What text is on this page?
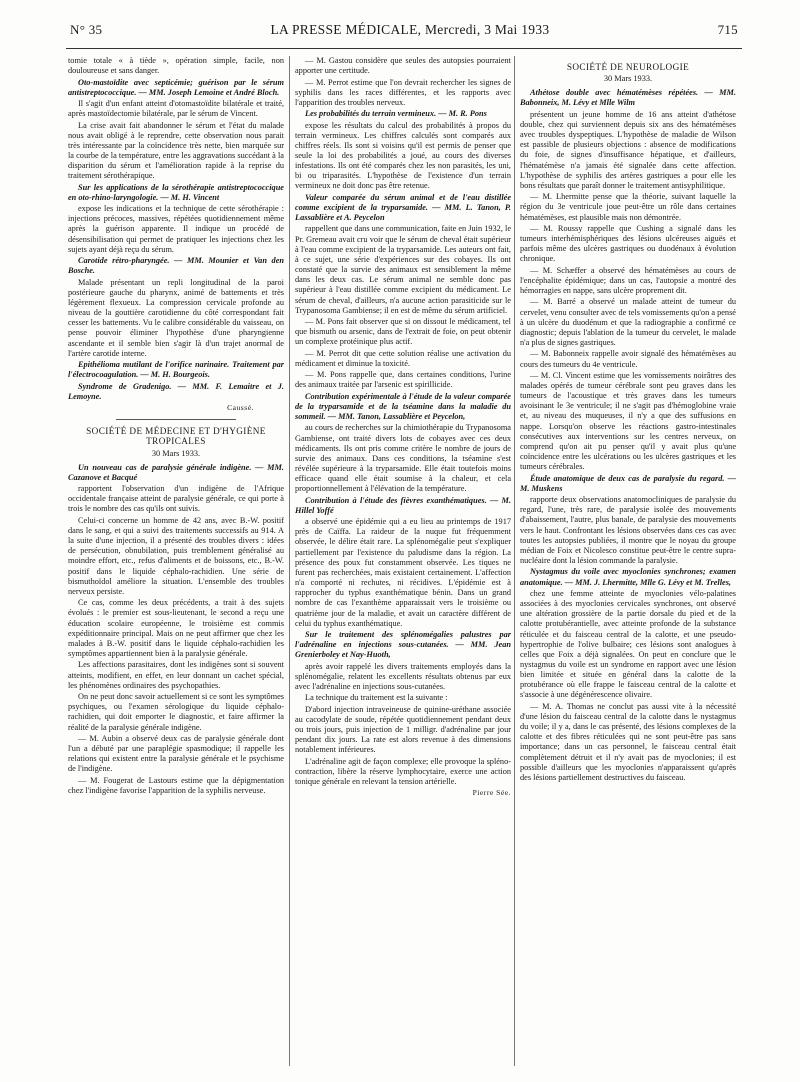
N° 35	LA PRESSE MÉDICALE, Mercredi, 3 Mai 1933	715

tomie totale « à tiède », opération simple, facile, non douloureuse et sans danger.

Oto-mastoïdite avec septicémie; guérison par le sérum antistreptococcique. — MM. Joseph Lemoine et André Bloch.

Il s'agit d'un enfant atteint d'otomastoïdite bilatérale et traité, après mastoïdectomie bilatérale, par le sérum de Vincent.

La crise avait fait abandonner le sérum et l'état du malade nous avait obligé à le reprendre, cette observation nous parait très intéressante par la coïncidence très nette, bien marquée sur la courbe de la température, entre les aggravations succédant à la disparition du sérum et l'amélioration rapide à la reprise du traitement sérothérapique.

Sur les applications de la sérothérapie antistreptococcique en oto-rhino-laryngologie. — M. H. Vincent

expose les indications et la technique de cette sérothérapie : injections précoces, massives, répétées quotidiennement même après la guérison apparente. Il indique un procédé de désensibilisation qui permet de pratiquer les injections chez les sujets ayant déjà reçu du sérum.

Carotide rétro-pharyngée. — MM. Mounier et Van den Bosche.

Malade présentant un repli longitudinal de la paroi postérieure gauche du pharynx, animé de battements et très légèrement flexueux. La compression cervicale profonde au niveau de la gouttière carotidienne du côté correspondant fait cesser les battements. Vu le calibre considérable du vaisseau, on pense pouvoir éliminer l'hypothèse d'une pharyngienne ascendante et il semble bien s'agir là d'un trajet anormal de l'artère carotide interne.

Epithélioma mutilant de l'orifice narinaire. Traitement par l'électrocoagulation. — M. H. Bourgeois.

Syndrome de Gradenigo. — MM. F. Lemaitre et J. Lemoyne.

Caussé.

SOCIÉTÉ DE MÉDECINE ET D'HYGIÈNE TROPICALES
30 Mars 1933.

Un nouveau cas de paralysie générale indigène. — MM. Cazanove et Bacqué

rapportent l'observation d'un indigène de l'Afrique occidentale française atteint de paralysie générale, ce qui porte à trois le nombre des cas qu'ils ont suivis.

Celui-ci concerne un homme de 42 ans, avec B.-W. positif dans le sang, et qui a suivi des traitements successifs au 914. A la suite d'une injection, il a présenté des troubles divers : idées de persécution, obnubilation, puis tremblement généralisé au moindre effort, etc., refus d'aliments et de boissons, etc., B.-W. positif dans le liquide céphalo-rachidien. Une série de bismuthoïdol améliore la situation. L'ensemble des troubles nerveux persiste.

Ce cas, comme les deux précédents, a trait à des sujets évolués : le premier est sous-lieutenant, le second a reçu une éducation scolaire européenne, le troisième est commis expéditionnaire principal. Mais on ne peut affirmer que chez les malades à B.-W. positif dans le liquide céphalo-rachidien les symptômes appartiennent bien à la paralysie générale.

Les affections parasitaires, dont les indigènes sont si souvent atteints, modifient, en effet, en leur donnant un cachet spécial, les phénomènes ordinaires des psychopathies.

On ne peut donc savoir actuellement si ce sont les symptômes psychiques, ou l'examen sérologique du liquide céphalo-rachidien, qui doit emporter le diagnostic, et faire affirmer la réalité de la paralysie générale indigène.

— M. Aubin a observé deux cas de paralysie générale dont l'un a débuté par une paraplégie spasmodique; il rappelle les relations qui existent entre la paralysie générale et le psychisme de l'indigène.

— M. Fougerat de Lastours estime que la dépigmentation chez l'indigène favorise l'apparition de la syphilis nerveuse.

— M. Gastou considère que seules des autopsies pourraient apporter une certitude.

— M. Perrot estime que l'on devrait rechercher les signes de syphilis dans les races différentes, et les rapports avec l'apparition des troubles nerveux.

Les probabilités du terrain vermineux. — M. R. Pons

expose les résultats du calcul des probabilités à propos du terrain vermineux. Les chiffres calculés sont comparés aux chiffres réels. Ils sont si voisins qu'il est permis de penser que seule la loi des probabilités a joué, au cours des diverses infestations. Ils ont été comparés chez les non parasités, les uni, bi ou triparasités. L'hypothèse de l'existence d'un terrain vermineux ne doit donc pas être retenue.

Valeur comparée du sérum animal et de l'eau distillée comme excipient de la tryparsamide. — MM. L. Tanon, P. Lassablière et A. Peycelon

rappellent que dans une communication, faite en Juin 1932, le Pr. Gremeau avait cru voir que le sérum de cheval était supérieur à l'eau comme excipient de la tryparsamide. Les auteurs ont fait, à ce sujet, une série d'expériences sur des cobayes. Ils ont constaté que la survie des animaux est sensiblement la même dans les deux cas. Le sérum animal ne semble donc pas supérieur à l'eau distillée comme excipient du médicament. Le sérum de cheval, d'ailleurs, n'a aucune action parasiticide sur le Trypanosoma Gambiense; il en est de même du sérum artificiel.

— M. Pons fait observer que si on dissout le médicament, tel que bismuth ou arsenic, dans de l'extrait de foie, on peut obtenir un complexe protéinique plus actif.

— M. Perrot dit que cette solution réalise une activation du médicament et diminue la toxicité.

— M. Pons rappelle que, dans certaines conditions, l'urine des animaux traitée par l'arsenic est spirillicide.

Contribution expérimentale à l'étude de la valeur comparée de la tryparsamide et de la tséamine dans la maladie du sommeil. — MM. Tanon, Lassablière et Peycelon,

au cours de recherches sur la chimiothérapie du Trypanosoma Gambiense, ont traité divers lots de cobayes avec ces deux médicaments. Ils ont pris comme critère le nombre de jours de survie des animaux. Dans ces conditions, la tséamine s'est révélée supérieure à la tryparsamide. Elle était toutefois moins efficace quand elle était soumise à la chaleur, et cela proportionnellement à l'élévation de la température.

Contribution à l'étude des fièvres exanthématiques. — M. Hillel Yoffé

a observé une épidémie qui a eu lieu au printemps de 1917 près de Caïffa. La raideur de la nuque fut fréquemment observée, le délire était rare. La splénomégalie peut s'expliquer partiellement par l'existence du paludisme dans la région. La présence des poux fut constamment observée. Les tiques ne furent pas recherchées, mais existaient certainement. L'affection n'a comporté ni rechutes, ni récidives. L'épidémie est à rapprocher du typhus exanthématique bénin. Dans un grand nombre de cas l'exanthème apparaissait vers le troisième ou quatrième jour de la maladie, et avait un caractère différent de celui du typhus exanthématique.

Sur le traitement des splénomégalies palustres par l'adrénaline en injections sous-cutanées. — MM. Jean Grenierboley et Nay-Huoth,

après avoir rappelé les divers traitements employés dans la splénomégalie, relatent les excellents résultats obtenus par eux avec l'adrénaline en injections sous-cutanées.

La technique du traitement est la suivante :

D'abord injection intraveineuse de quinine-uréthane associée au cacodylate de soude, répétée quotidiennement pendant deux ou trois jours, puis injection de 1 milligr. d'adrénaline par jour pendant dix jours. La rate est alors revenue à des dimensions notablement inférieures.

L'adrénaline agit de façon complexe; elle provoque la spléno-contraction, libère la réserve lymphocytaire, exerce une action tonique générale en relevant la tension artérielle.

Pierre Sée.

SOCIÉTÉ DE NEUROLOGIE
30 Mars 1933.

Athétose double avec hématémèses répétées. — MM. Babonneix, M. Lévy et Mlle Wilm

présentent un jeune homme de 16 ans atteint d'athétose double, chez qui surviennent depuis six ans des hématémèses avec troubles dyspeptiques. L'hypothèse de maladie de Wilson est passible de plusieurs objections : absence de modifications du foie, de signes d'insuffisance hépatique, et d'ailleurs, l'hématémèse n'a jamais été signalée dans cette affection. L'hypothèse de syphilis des artères gastriques a pour elle les bons résultats que paraît donner le traitement antisyphilitique.

— M. Lhermitte pense que la théorie, suivant laquelle la région du 3e ventricule joue peut-être un rôle dans certaines hématémèses, est plausible mais non démontrée.

— M. Roussy rappelle que Cushing a signalé dans les tumeurs interhémisphériques des lésions ulcéreuses aiguës et parfois même des ulcères gastriques ou duodénaux à évolution chronique.

— M. Schæffer a observé des hématémèses au cours de l'encéphalite épidémique; dans un cas, l'autopsie a montré des hémorragies en nappe, sans ulcère proprement dit.

— M. Barré a observé un malade atteint de tumeur du cervelet, venu consulter avec de tels vomissements qu'on a pensé à un ulcère du duodénum et que la radiographie a confirmé ce diagnostic; depuis l'ablation de la tumeur du cervelet, le malade n'a plus de signes gastriques.

— M. Babonneix rappelle avoir signalé des hématémèses au cours des tumeurs du 4e ventricule.

— M. Cl. Vincent estime que les vomissements noirâtres des malades opérés de tumeur cérébrale sont peu graves dans les tumeurs de l'acoustique et très graves dans les tumeurs avoisinant le 3e ventricule; il ne s'agit pas d'hémoglobine vraie et, au niveau des muqueuses, il n'y a que des suffusions en nappe. Lorsqu'on observe les réactions gastro-intestinales consécutives aux interventions sur les centres nerveux, on comprend qu'on ait pu penser qu'il y avait plus qu'une coïncidence entre les ulcérations ou les ulcères gastriques et les tumeurs cérébrales.

Étude anatomique de deux cas de paralysie du regard. — M. Muskens

rapporte deux observations anatomocliniques de paralysie du regard, l'une, très rare, de paralysie isolée des mouvements d'abaissement, l'autre, plus banale, de paralysie des mouvements vers le haut. Confrontant les lésions observées dans ces cas avec toutes les autopsies publiées, il montre que le noyau du groupe médian de Foix et Nicolesco constitue peut-être le centre supra-nucléaire dont la lésion commande la paralysie.

Nystagmus du voile avec myoclonies synchrones; examen anatomique. — MM. J. Lhermitte, Mlle G. Lévy et M. Trelles,

chez une femme atteinte de myoclonies vélo-palatines associées à des myoclonies cervicales synchrones, ont observé une altération grossière de la partie dorsale du pied et de la calotte protubérantielle, avec atteinte profonde de la substance réticulée et du faisceau central de la calotte, et une pseudo-hypertrophie de l'olive bulbaire; ces lésions sont analogues à celles que Foix a déjà signalées. On peut en conclure que le nystagmus du voile est un syndrome en rapport avec une lésion bien limitée et située en général dans la calotte de la protubérance où elle frappe le faisceau central de la calotte et s'associe à une dégénérescence olivaire.

— M. A. Thomas ne conclut pas aussi vite à la nécessité d'une lésion du faisceau central de la calotte dans le nystagmus du voile; il y a, dans le cas présenté, des lésions complexes de la calotte et des fibres réticulées qui ne sont peut-être pas sans importance; dans un cas personnel, le faisceau central était complètement détruit et il n'y avait pas de myoclonies; il est possible d'ailleurs que les myoclonies n'apparaissent qu'après des lésions partiellement destructives du faisceau.
